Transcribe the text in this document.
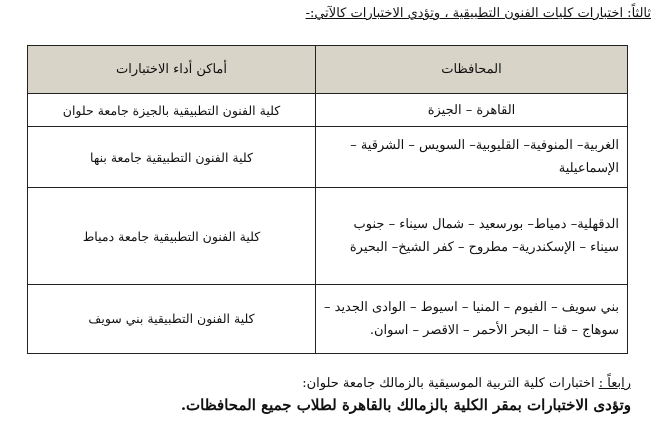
ثالثاً: اختبارات كليات الفنون التطبيقية ، وتؤدي الاختبارات كالآتي:-
المحافظات	أماكن أداء الاختبارات
القاهرة – الجيزة	كلية الفنون التطبيقية بالجيزة جامعة حلوان
الغربية– المنوفية– القليوبية– السويس – الشرقية – الإسماعيلية	كلية الفنون التطبيقية جامعة بنها
الدقهلية– دمياط– بورسعيد – شمال سيناء – جنوب سيناء – الإسكندرية– مطروح – كفر الشيخ– البحيرة	كلية الفنون التطبيقية جامعة دمياط
بني سويف – الفيوم – المنيا – اسيوط – الوادى الجديد – سوهاج – قنا – البحر الأحمر – الاقصر – اسوان.	كلية الفنون التطبيقية بني سويف
رابعاً : اختبارات كلية التربية الموسيقية بالزمالك جامعة حلوان:
وتؤدى الاختبارات بمقر الكلية بالزمالك بالقاهرة لطلاب جميع المحافظات.
